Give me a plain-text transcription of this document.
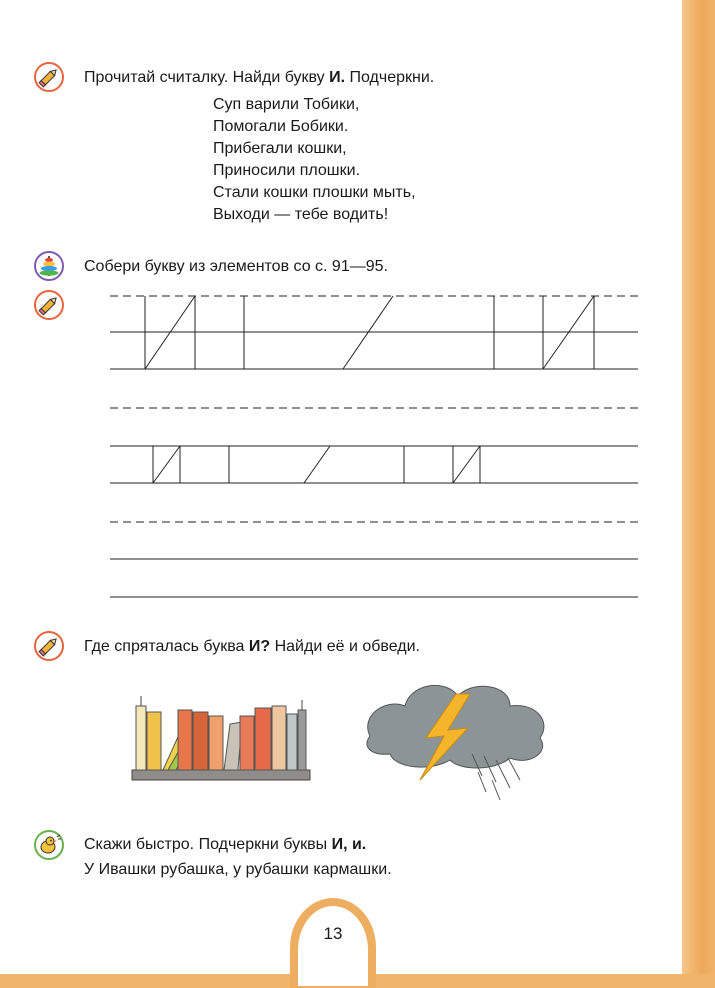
Прочитай считалку. Найди букву И. Подчеркни.
Суп варили Тобики,
Помогали Бобики.
Прибегали кошки,
Приносили плошки.
Стали кошки плошки мыть,
Выходи — тебе водить!
Собери букву из элементов со с. 91—95.
Где спряталась буква И? Найди её и обведи.
Скажи быстро. Подчеркни буквы И, и.
У Ивашки рубашка, у рубашки кармашки.
13
